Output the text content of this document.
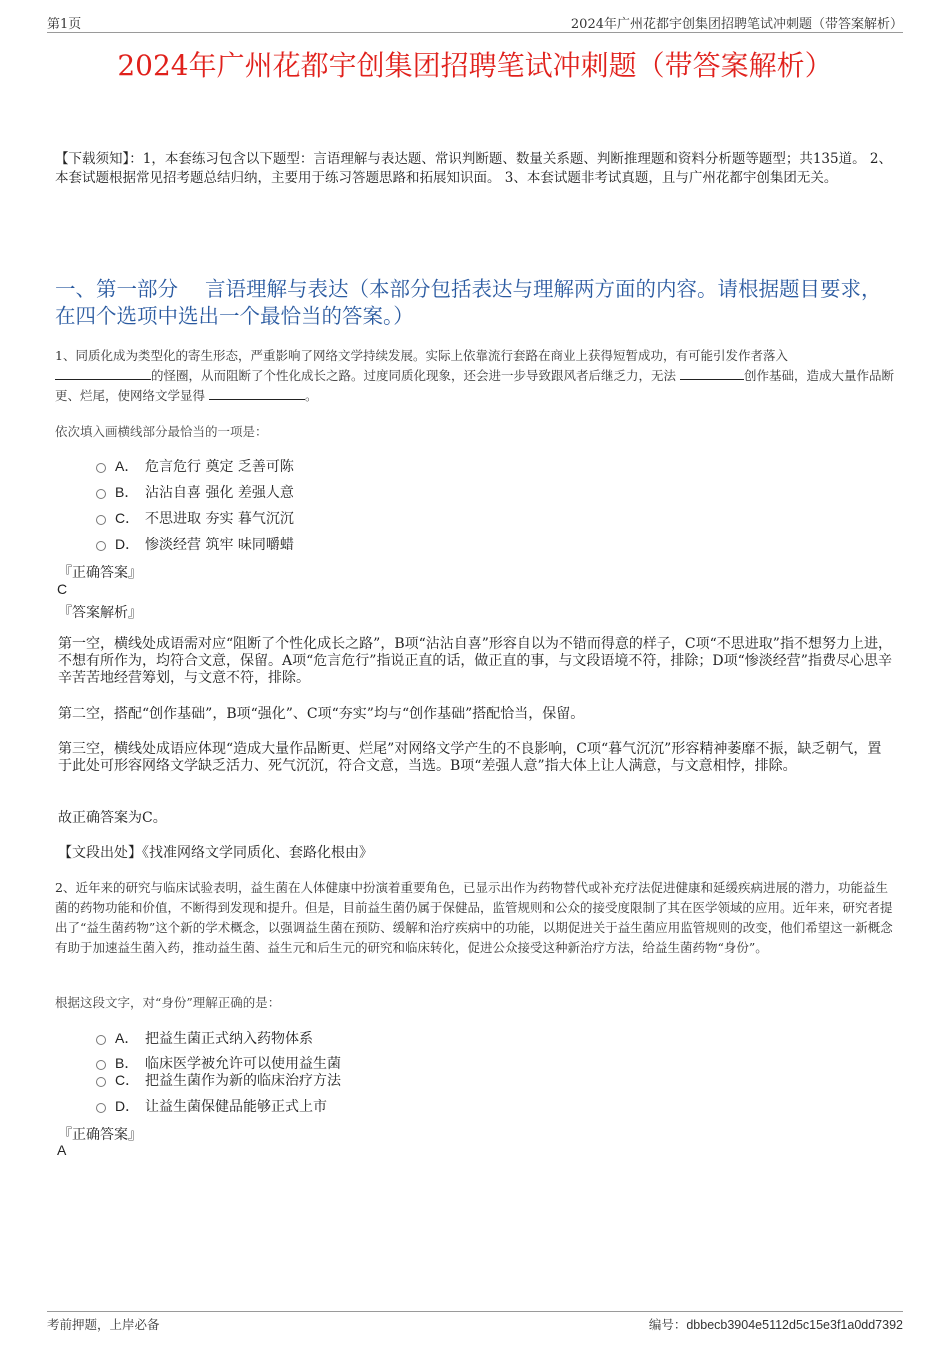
第1页	2024年广州花都宇创集团招聘笔试冲刺题（带答案解析）
2024年广州花都宇创集团招聘笔试冲刺题（带答案解析）
【下载须知】：1，本套练习包含以下题型：言语理解与表达题、常识判断题、数量关系题、判断推理题和资料分析题等题型；共135道。 2、本套试题根据常见招考题总结归纳，主要用于练习答题思路和拓展知识面。 3、本套试题非考试真题，且与广州花都宇创集团无关。
一、第一部分　 言语理解与表达（本部分包括表达与理解两方面的内容。请根据题目要求，在四个选项中选出一个最恰当的答案。）
1、同质化成为类型化的寄生形态，严重影响了网络文学持续发展。实际上依靠流行套路在商业上获得短暂成功，有可能引发作者落入
的怪圈，从而阻断了个性化成长之路。过度同质化现象，还会进一步导致跟风者后继乏力，无法	创作基础，造成大量作品断更、烂尾，使网络文学显得	。
依次填入画横线部分最恰当的一项是：
A． 危言危行 奠定 乏善可陈
B． 沾沾自喜 强化 差强人意
C． 不思进取 夯实 暮气沉沉
D． 惨淡经营 筑牢 味同嚼蜡
『正确答案』
C
『答案解析』
第一空，横线处成语需对应“阻断了个性化成长之路”，B项“沾沾自喜”形容自以为不错而得意的样子，C项“不思进取”指不想努力上进，不想有所作为，均符合文意，保留。A项“危言危行”指说正直的话，做正直的事，与文段语境不符，排除；D项“惨淡经营”指费尽心思辛辛苦苦地经营筹划，与文意不符，排除。
第二空，搭配“创作基础”，B项“强化”、C项“夯实”均与“创作基础”搭配恰当，保留。
第三空，横线处成语应体现“造成大量作品断更、烂尾”对网络文学产生的不良影响，C项“暮气沉沉”形容精神萎靡不振，缺乏朝气，置于此处可形容网络文学缺乏活力、死气沉沉，符合文意，当选。B项“差强人意”指大体上让人满意，与文意相悖，排除。
故正确答案为C。
【文段出处】《找准网络文学同质化、套路化根由》
2、近年来的研究与临床试验表明，益生菌在人体健康中扮演着重要角色，已显示出作为药物替代或补充疗法促进健康和延缓疾病进展的潜力，功能益生菌的药物功能和价值，不断得到发现和提升。但是，目前益生菌仍属于保健品，监管规则和公众的接受度限制了其在医学领域的应用。近年来，研究者提出了“益生菌药物”这个新的学术概念，以强调益生菌在预防、缓解和治疗疾病中的功能，以期促进关于益生菌应用监管规则的改变，他们希望这一新概念有助于加速益生菌入药，推动益生菌、益生元和后生元的研究和临床转化，促进公众接受这种新治疗方法，给益生菌药物“身份”。
根据这段文字，对“身份”理解正确的是：
A． 把益生菌正式纳入药物体系
B． 临床医学被允许可以使用益生菌
C． 把益生菌作为新的临床治疗方法
D． 让益生菌保健品能够正式上市
『正确答案』
A
考前押题，上岸必备	编号：dbbecb3904e5112d5c15e3f1a0dd7392
